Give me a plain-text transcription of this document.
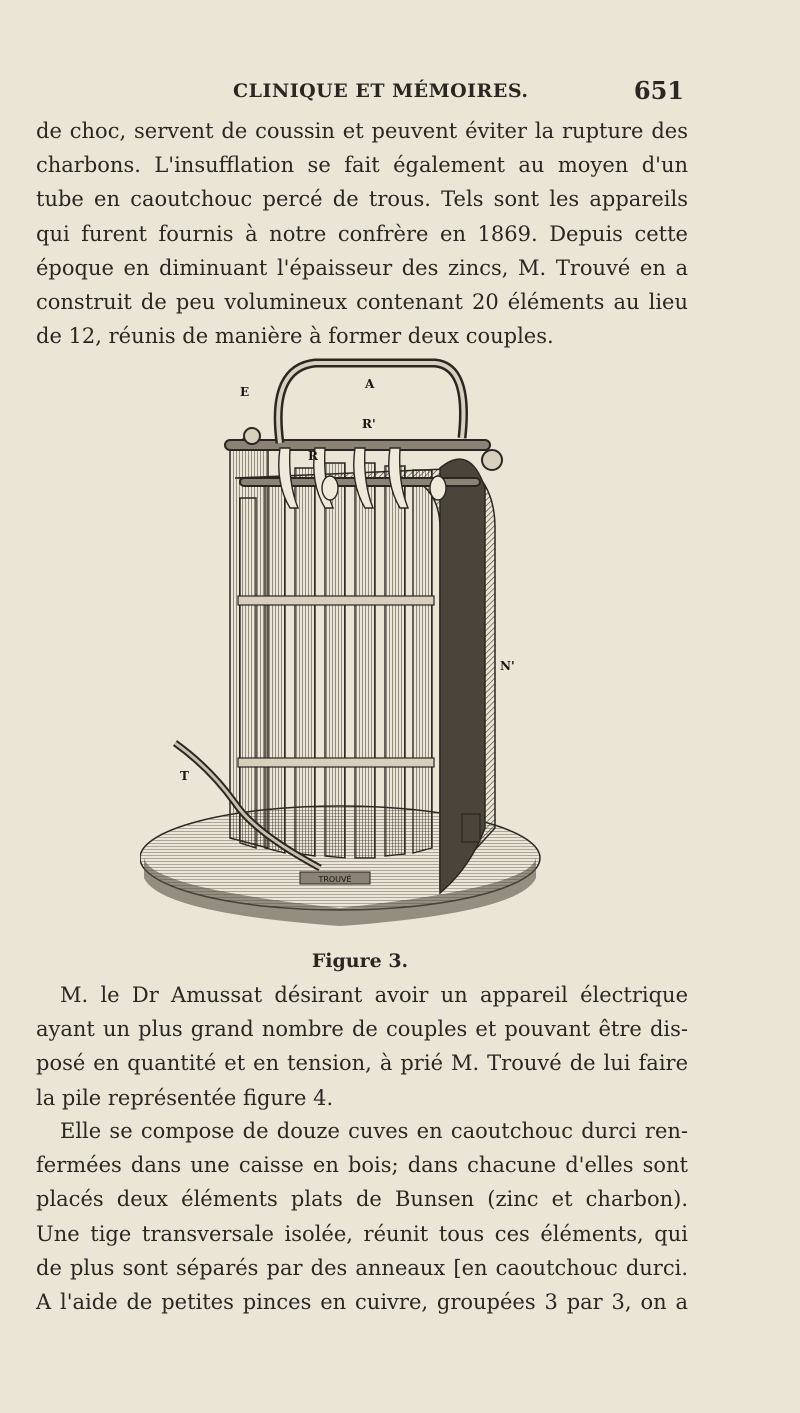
CLINIQUE ET MÉMOIRES.	651
de choc, servent de coussin et peuvent éviter la rupture des
charbons. L'insufflation se fait également au moyen d'un
tube en caoutchouc percé de trous. Tels sont les appareils
qui furent fournis à notre confrère en 1869. Depuis cette
époque en diminuant l'épaisseur des zincs, M. Trouvé en a
construit de peu volumineux contenant 20 éléments au lieu
de 12, réunis de manière à former deux couples.
TROUVÉ
A
R'
R
E
T
N'
Figure 3.
M. le Dr Amussat désirant avoir un appareil électrique
ayant un plus grand nombre de couples et pouvant être dis-
posé en quantité et en tension, à prié M. Trouvé de lui faire
la pile représentée figure 4.
Elle se compose de douze cuves en caoutchouc durci ren-
fermées dans une caisse en bois; dans chacune d'elles sont
placés deux éléments plats de Bunsen (zinc et charbon).
Une tige transversale isolée, réunit tous ces éléments, qui
de plus sont séparés par des anneaux [en caoutchouc durci.
A l'aide de petites pinces en cuivre, groupées 3 par 3, on a
